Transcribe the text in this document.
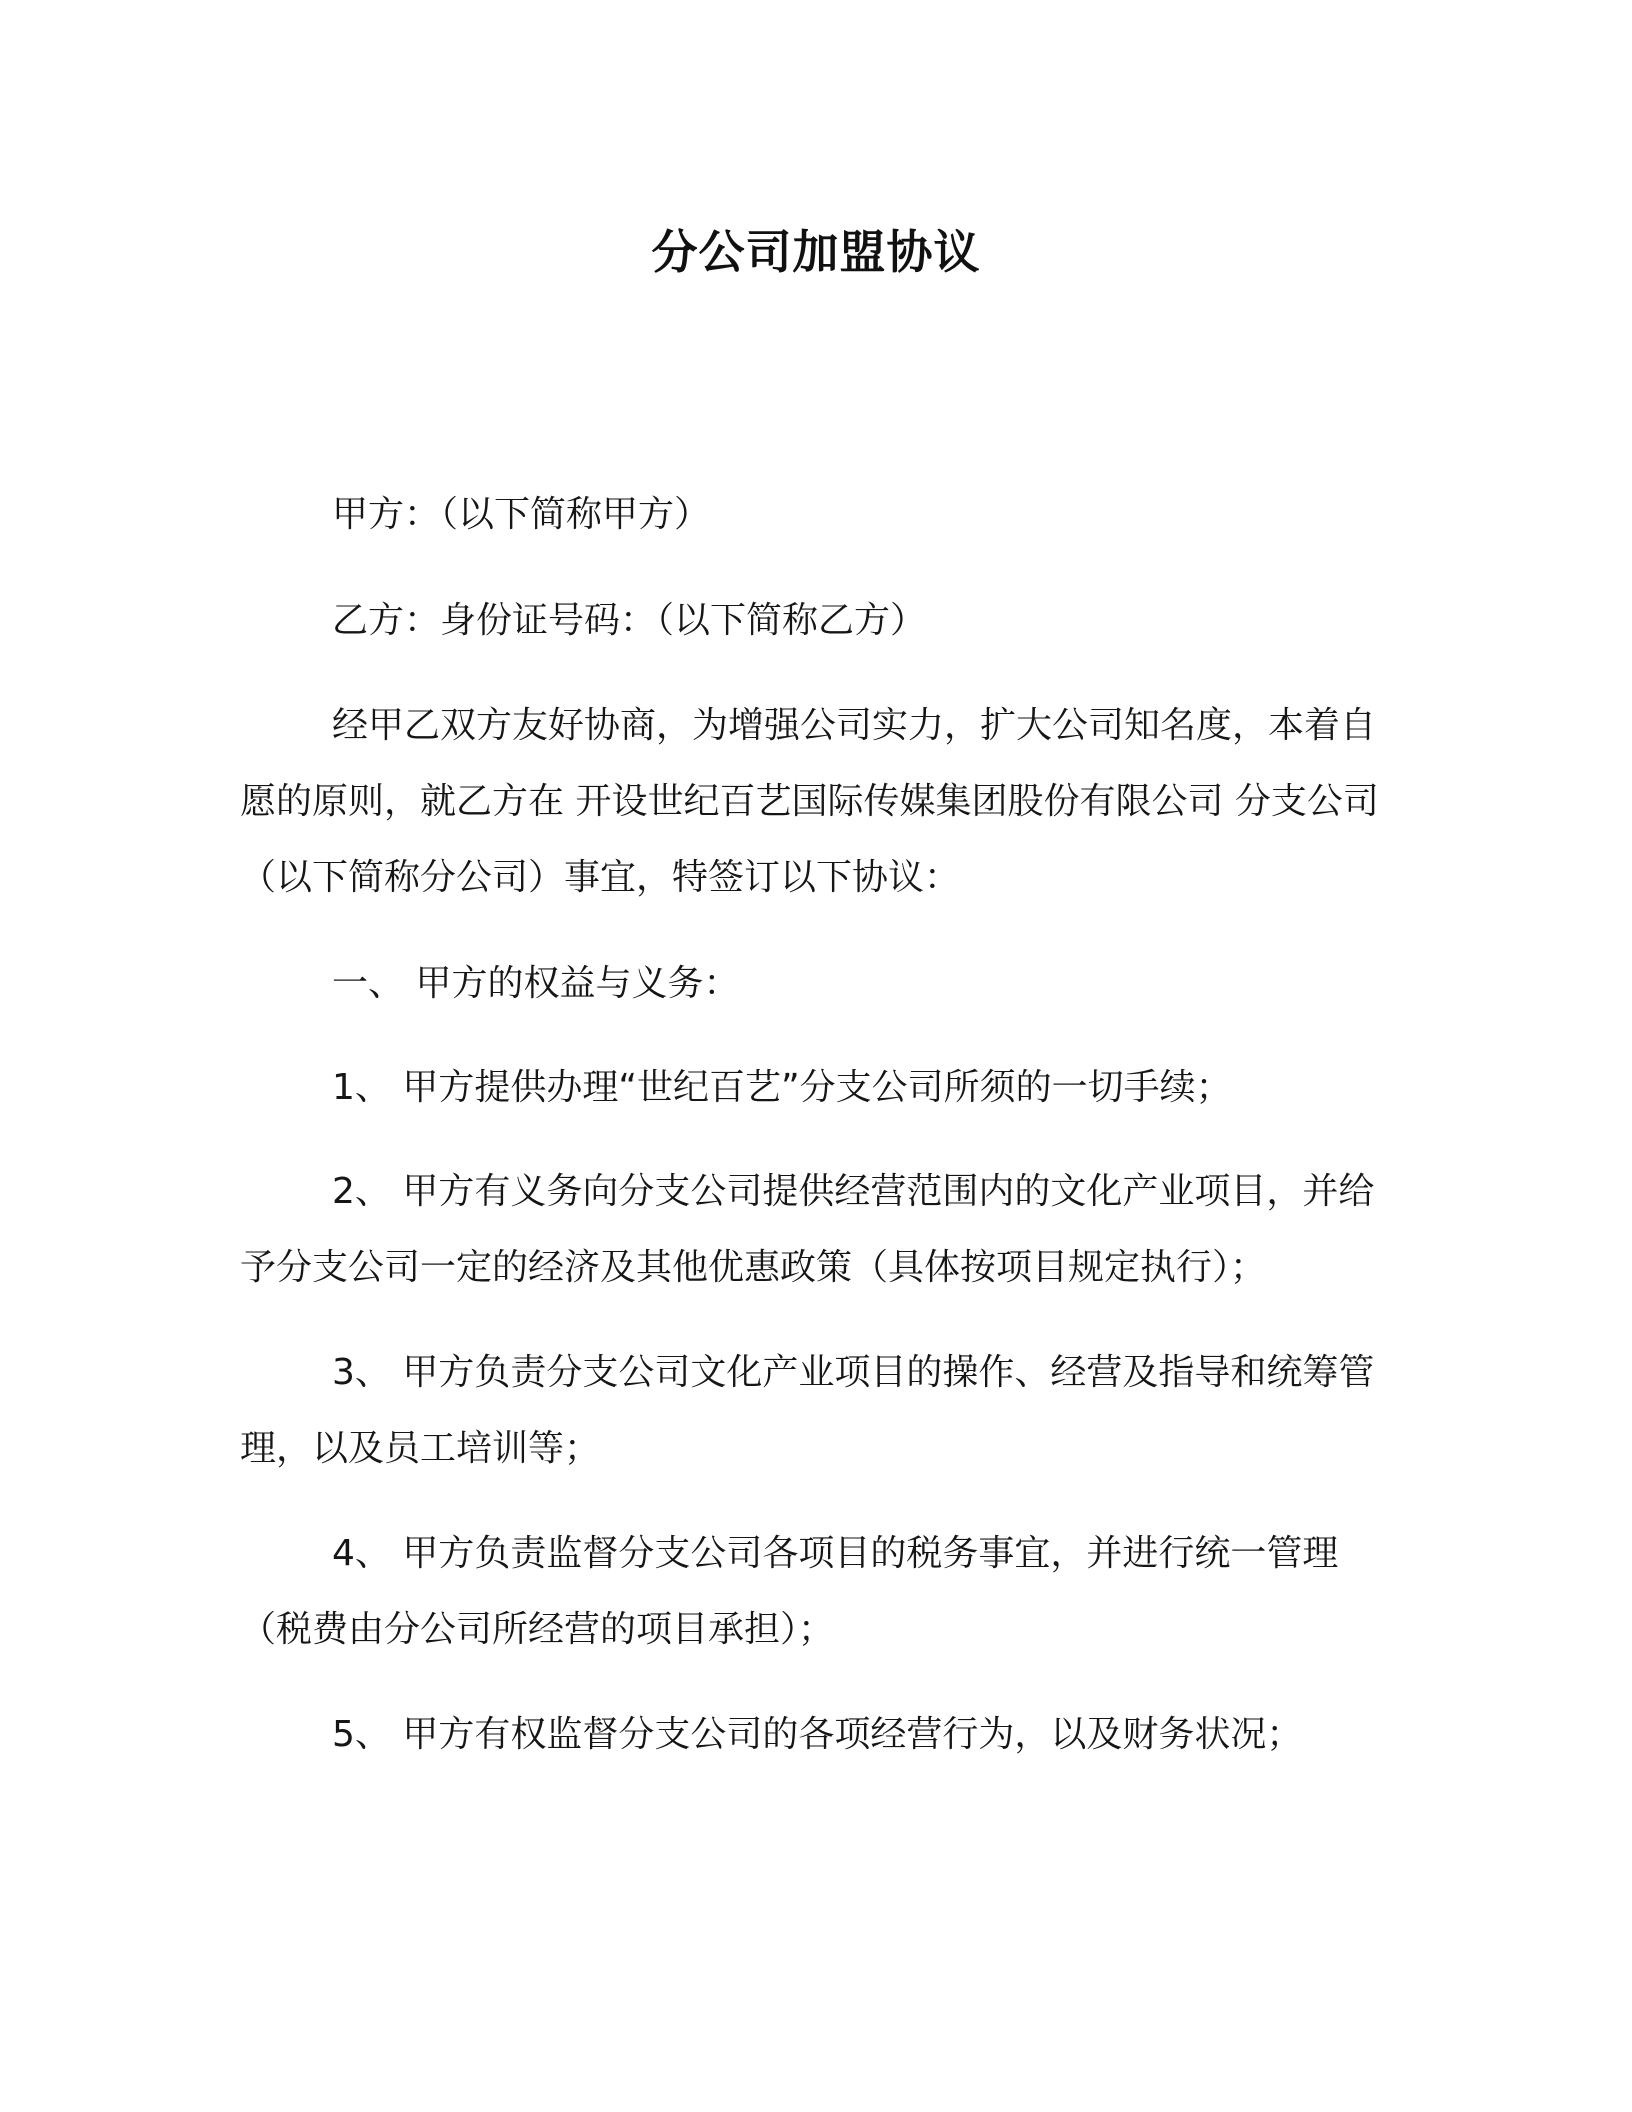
分公司加盟协议
甲方：（以下简称甲方）
乙方：身份证号码：（以下简称乙方）

经甲乙双方友好协商，为增强公司实力，扩大公司知名度，本着自愿的原则，就乙方在 开设世纪百艺国际传媒集团股份有限公司 分支公司（以下简称分公司）事宜，特签订以下协议：

一、 甲方的权益与义务：

1、 甲方提供办理“世纪百艺”分支公司所须的一切手续；

2、 甲方有义务向分支公司提供经营范围内的文化产业项目，并给予分支公司一定的经济及其他优惠政策（具体按项目规定执行）；

3、 甲方负责分支公司文化产业项目的操作、经营及指导和统筹管理，以及员工培训等；

4、 甲方负责监督分支公司各项目的税务事宜，并进行统一管理（税费由分公司所经营的项目承担）；

5、 甲方有权监督分支公司的各项经营行为，以及财务状况；
